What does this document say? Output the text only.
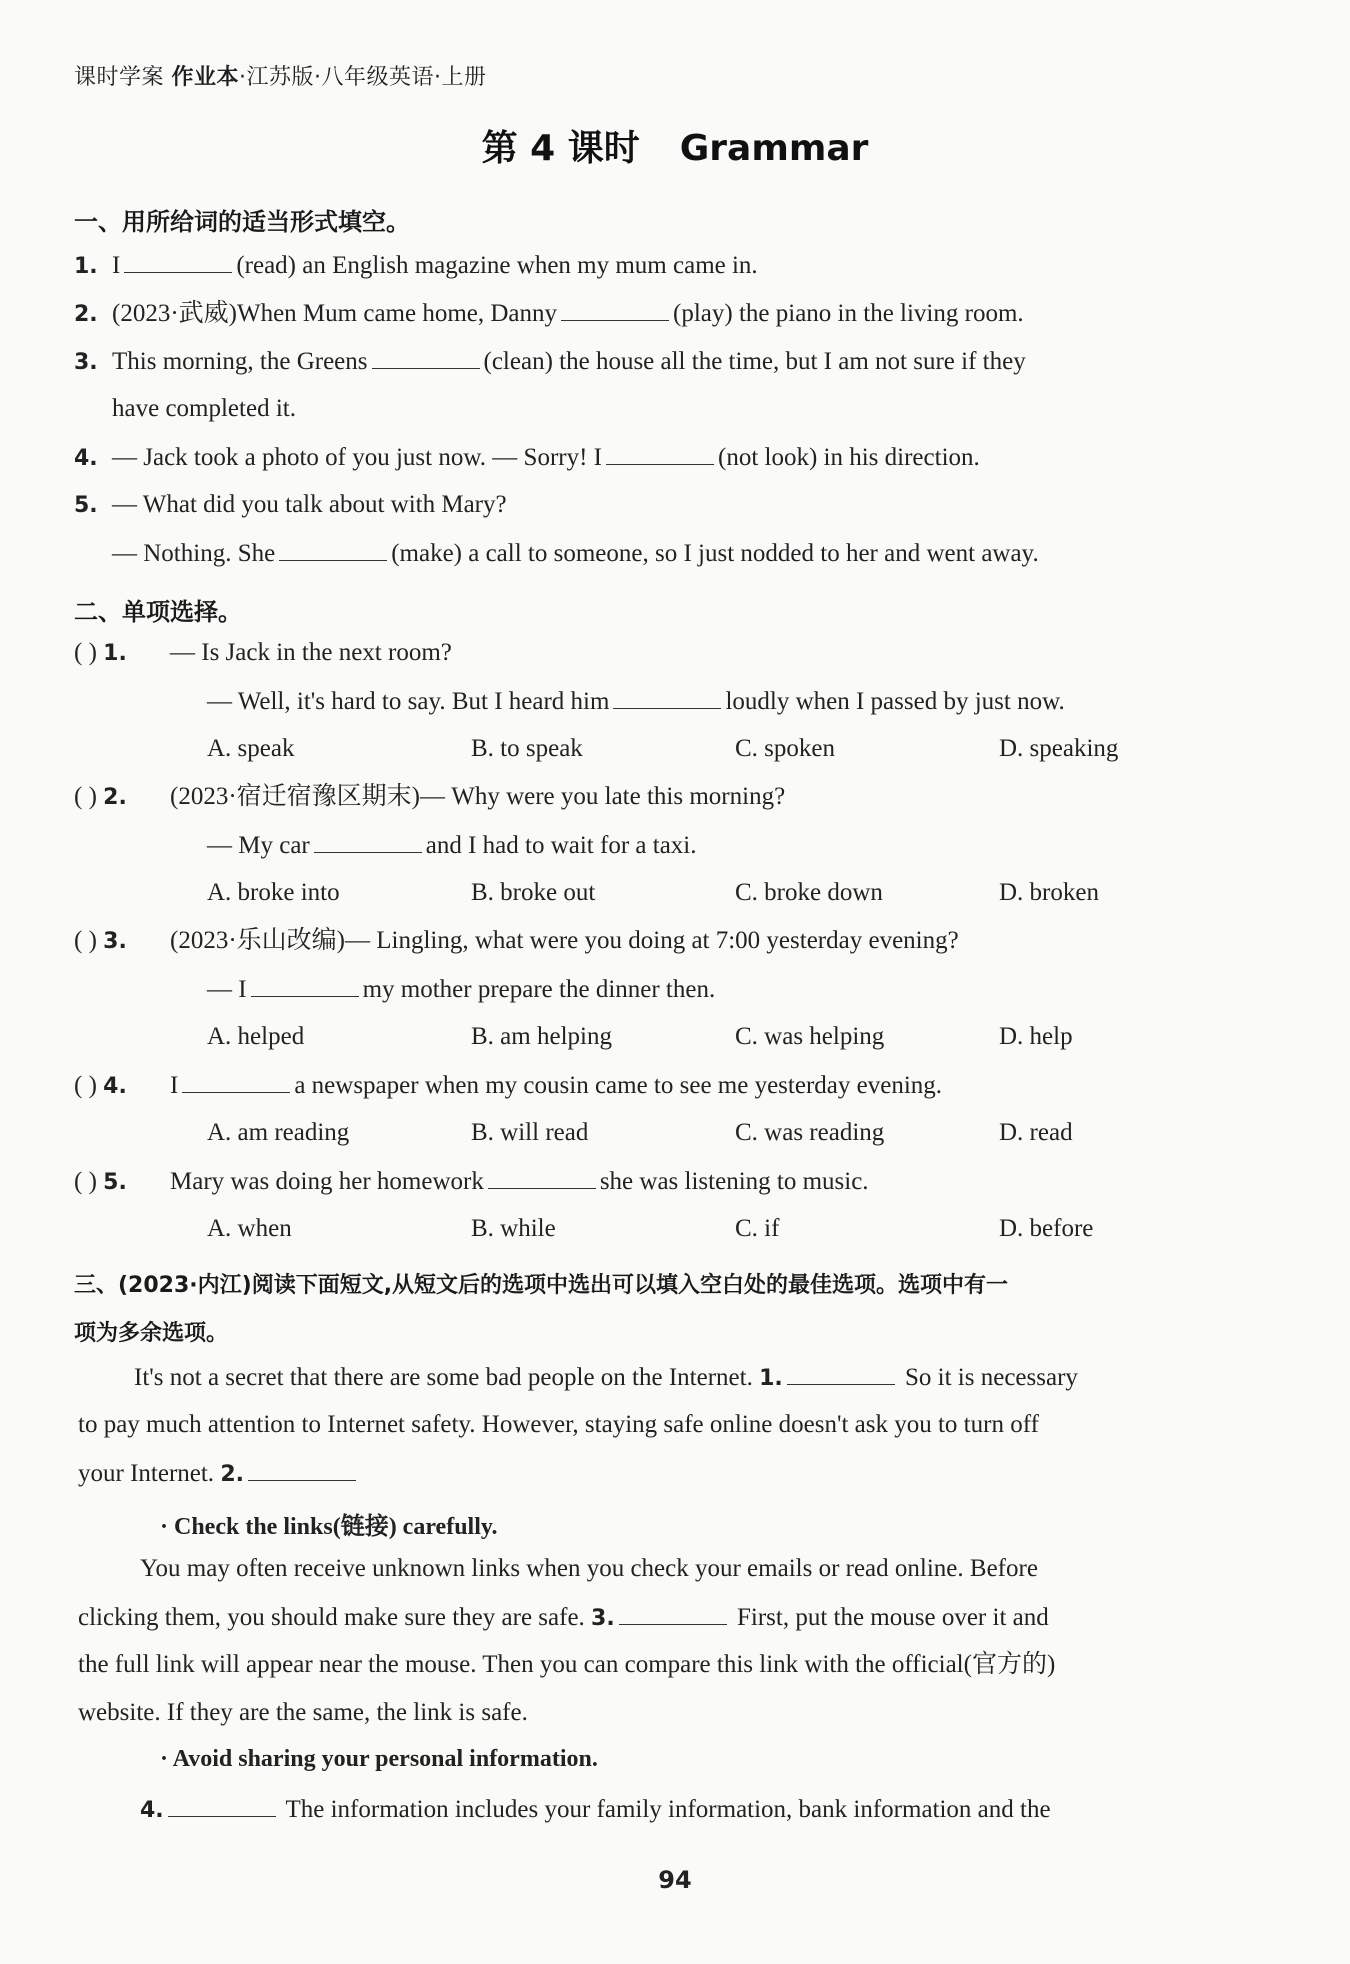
课时学案 作业本·江苏版·八年级英语·上册
第 4 课时 Grammar
一、用所给词的适当形式填空。
1. I	(read) an English magazine when my mum came in.
2. (2023·武威)When Mum came home, Danny	(play) the piano in the living room.
3. This morning, the Greens	(clean) the house all the time, but I am not sure if they
have completed it.
4. — Jack took a photo of you just now. — Sorry! I	(not look) in his direction.
5. — What did you talk about with Mary?
— Nothing. She	(make) a call to someone, so I just nodded to her and went away.
二、单项选择。
( ) 1. — Is Jack in the next room?
— Well, it's hard to say. But I heard him	loudly when I passed by just now.
A. speak	B. to speak	C. spoken	D. speaking
( ) 2. (2023·宿迁宿豫区期末)— Why were you late this morning?
— My car	and I had to wait for a taxi.
A. broke into	B. broke out	C. broke down	D. broken
( ) 3. (2023·乐山改编)— Lingling, what were you doing at 7:00 yesterday evening?
— I	my mother prepare the dinner then.
A. helped	B. am helping	C. was helping	D. help
( ) 4. I	a newspaper when my cousin came to see me yesterday evening.
A. am reading	B. will read	C. was reading	D. read
( ) 5. Mary was doing her homework	she was listening to music.
A. when	B. while	C. if	D. before
三、(2023·内江)阅读下面短文,从短文后的选项中选出可以填入空白处的最佳选项。选项中有一
项为多余选项。
It's not a secret that there are some bad people on the Internet. 1.	So it is necessary
to pay much attention to Internet safety. However, staying safe online doesn't ask you to turn off
your Internet. 2.
· Check the links(链接) carefully.
You may often receive unknown links when you check your emails or read online. Before
clicking them, you should make sure they are safe. 3.	First, put the mouse over it and
the full link will appear near the mouse. Then you can compare this link with the official(官方的)
website. If they are the same, the link is safe.
· Avoid sharing your personal information.
4.	The information includes your family information, bank information and the
94
